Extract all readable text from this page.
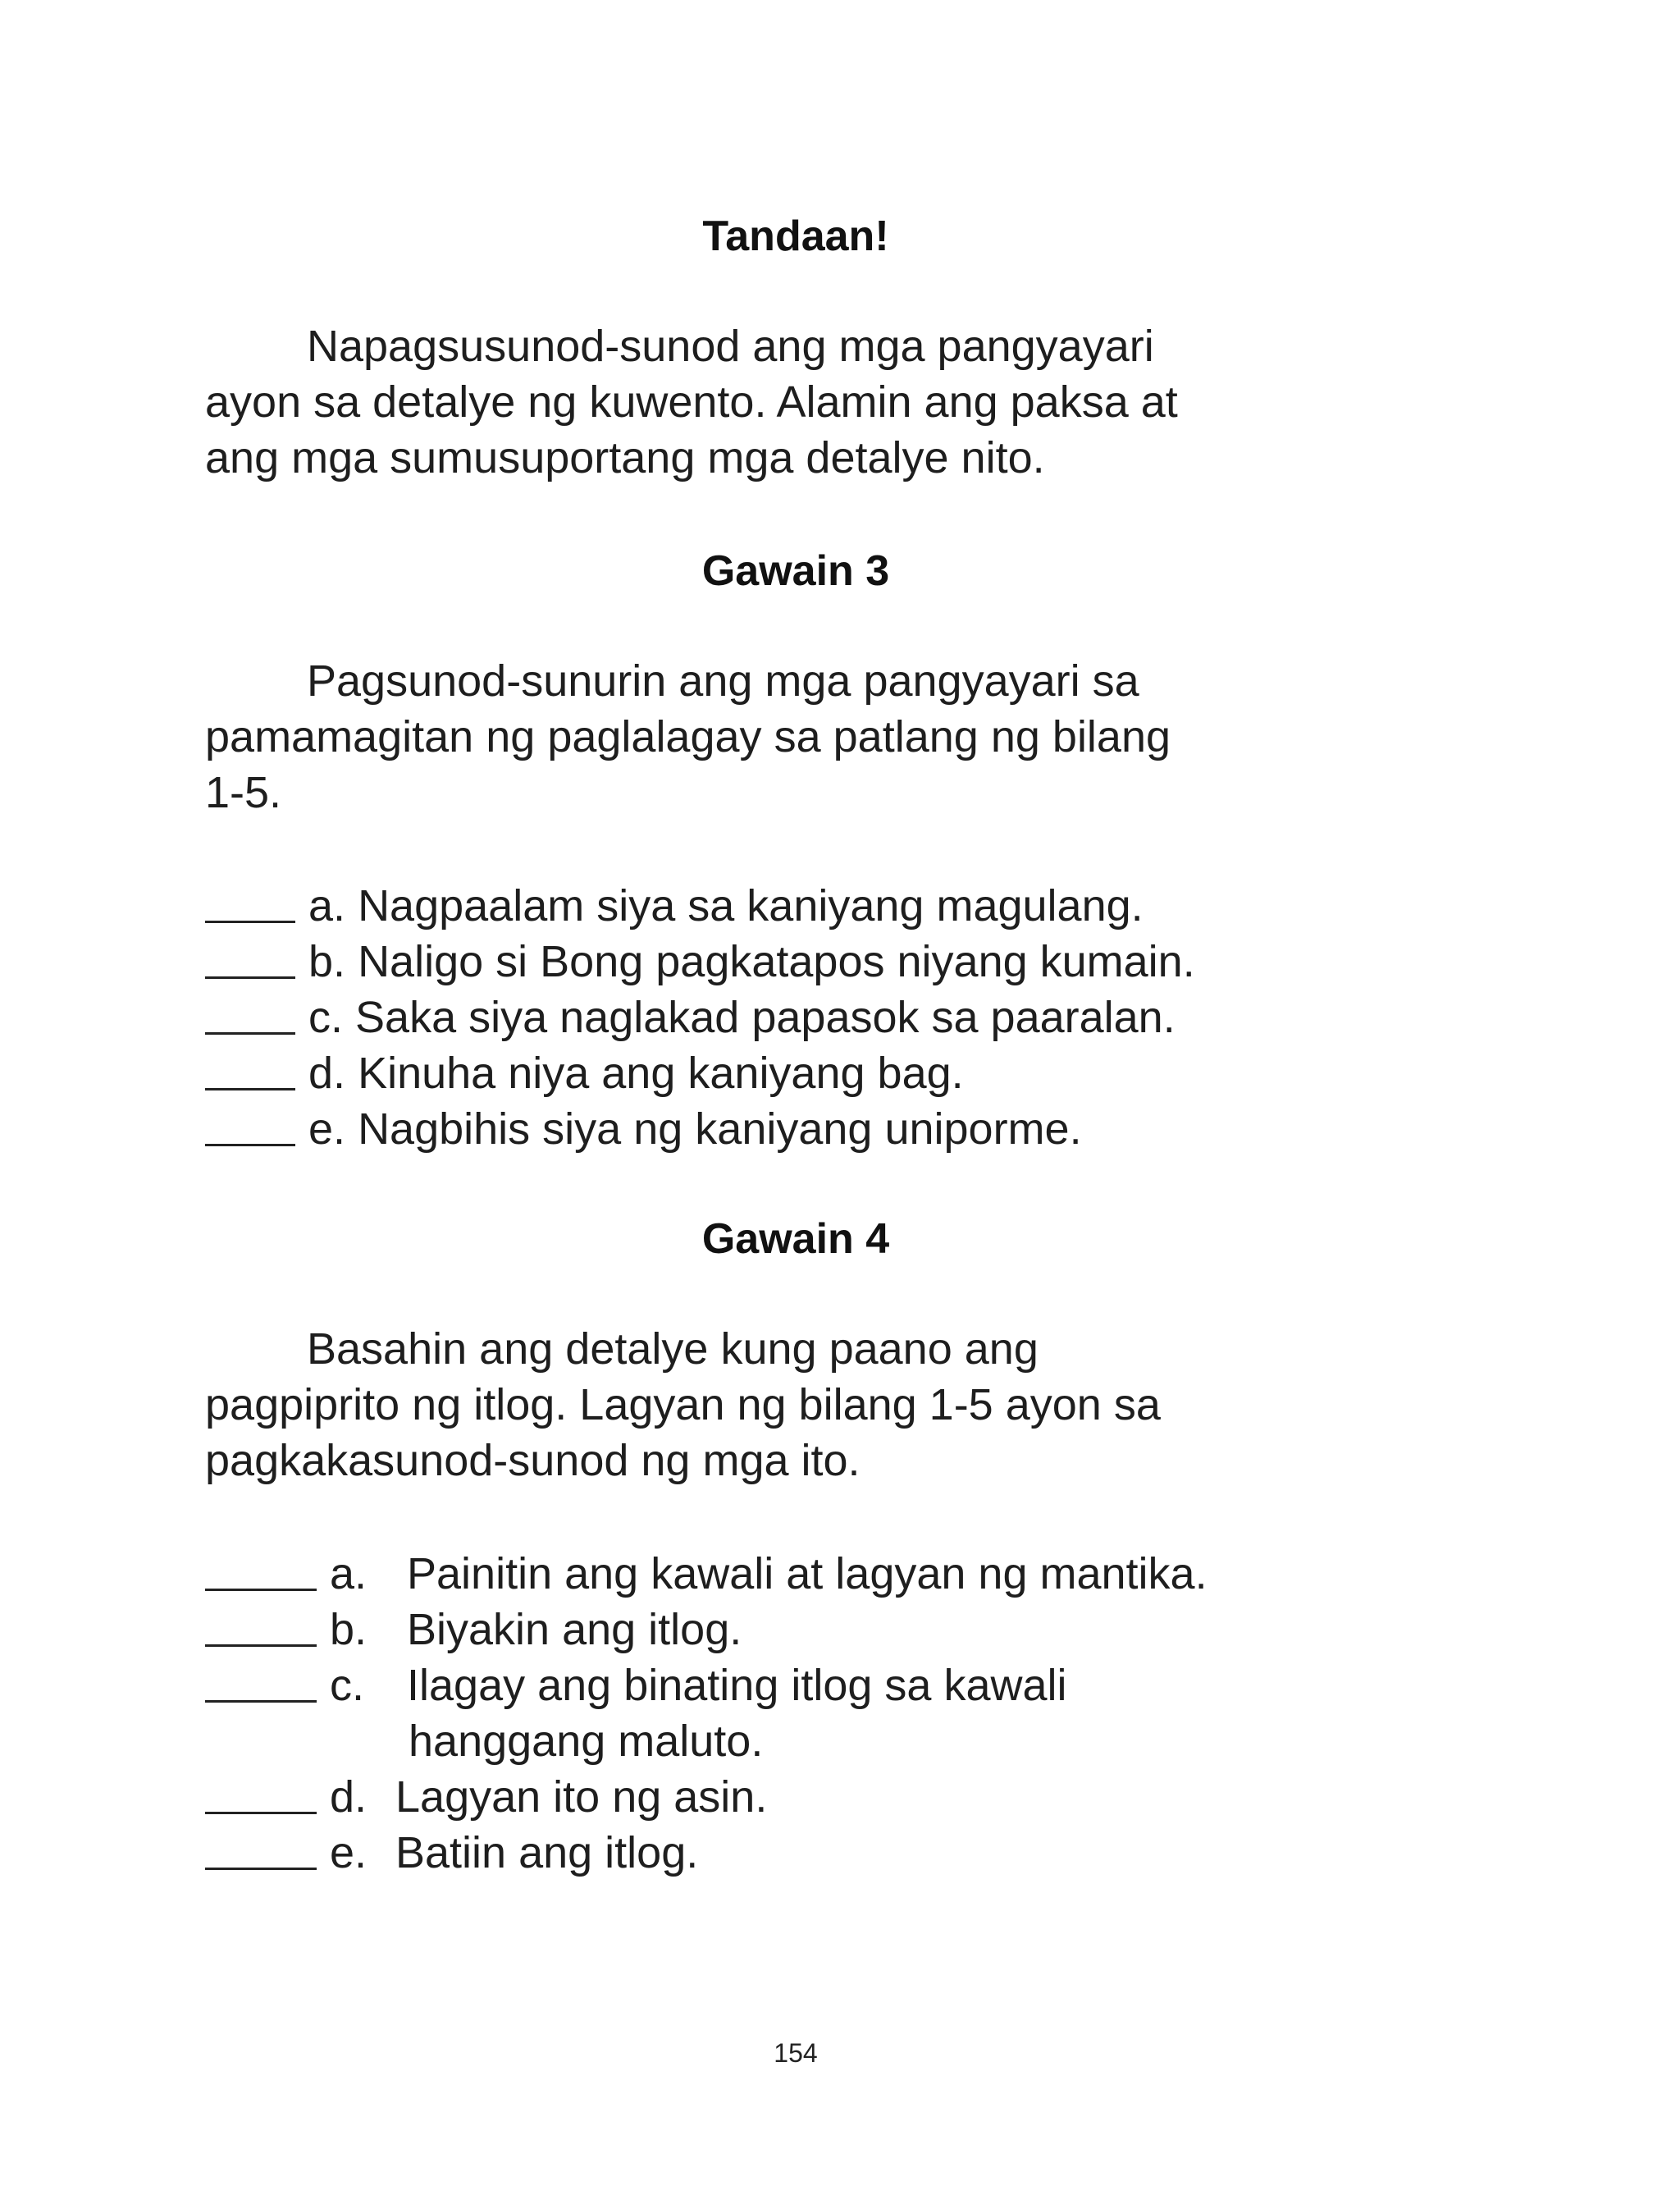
Tandaan!

Napagsusunod-sunod ang mga pangyayari
ayon sa detalye ng kuwento. Alamin ang paksa at
ang mga sumusuportang mga detalye nito.

Gawain 3

Pagsunod-sunurin ang mga pangyayari sa
pamamagitan ng paglalagay sa patlang ng bilang
1-5.

a.
Nagpaalam siya sa kaniyang magulang.
b.
Naligo si Bong pagkatapos niyang kumain.
c.
Saka siya naglakad papasok sa paaralan.
d.
Kinuha niya ang kaniyang bag.
e.
Nagbihis siya ng kaniyang uniporme.
Gawain 4

Basahin ang detalye kung paano ang
pagpiprito ng itlog. Lagyan ng bilang 1-5 ayon sa
pagkakasunod-sunod ng mga ito.

a. Painitin ang kawali at lagyan ng mantika.
b. Biyakin ang itlog.
c. Ilagay ang binating itlog sa kawali
hanggang maluto.
d. Lagyan ito ng asin.
e. Batiin ang itlog.
154
